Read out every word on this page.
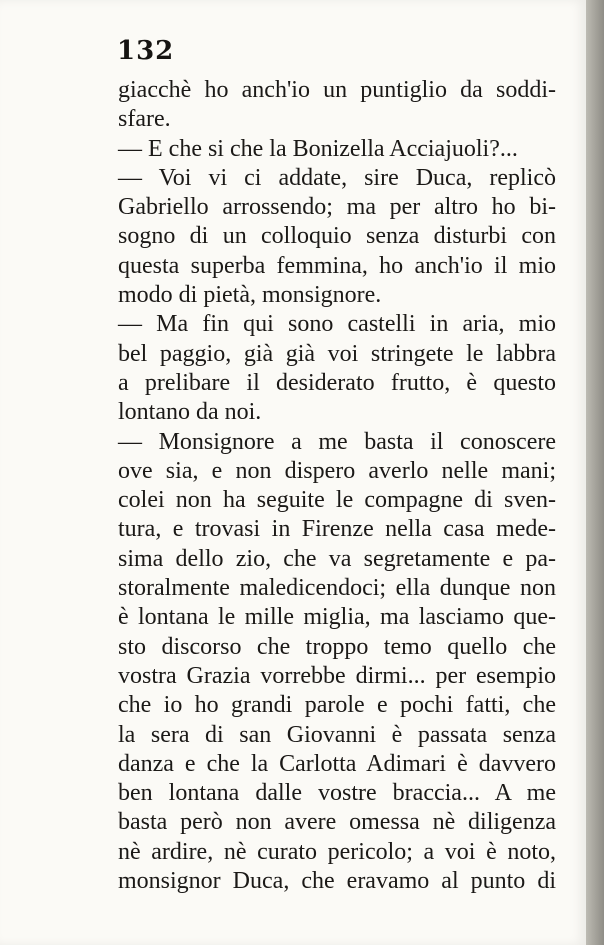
132
giacchè ho anch'io un puntiglio da soddi-
sfare.
— E che si che la Bonizella Acciajuoli?...
— Voi vi ci addate, sire Duca, replicò
Gabriello arrossendo; ma per altro ho bi-
sogno di un colloquio senza disturbi con
questa superba femmina, ho anch'io il mio
modo di pietà, monsignore.
— Ma fin qui sono castelli in aria, mio
bel paggio, già già voi stringete le labbra
a prelibare il desiderato frutto, è questo
lontano da noi.
— Monsignore a me basta il conoscere
ove sia, e non dispero averlo nelle mani;
colei non ha seguite le compagne di sven-
tura, e trovasi in Firenze nella casa mede-
sima dello zio, che va segretamente e pa-
storalmente maledicendoci; ella dunque non
è lontana le mille miglia, ma lasciamo que-
sto discorso che troppo temo quello che
vostra Grazia vorrebbe dirmi... per esempio
che io ho grandi parole e pochi fatti, che
la sera di san Giovanni è passata senza
danza e che la Carlotta Adimari è davvero
ben lontana dalle vostre braccia... A me
basta però non avere omessa nè diligenza
nè ardire, nè curato pericolo; a voi è noto,
monsignor Duca, che eravamo al punto di
